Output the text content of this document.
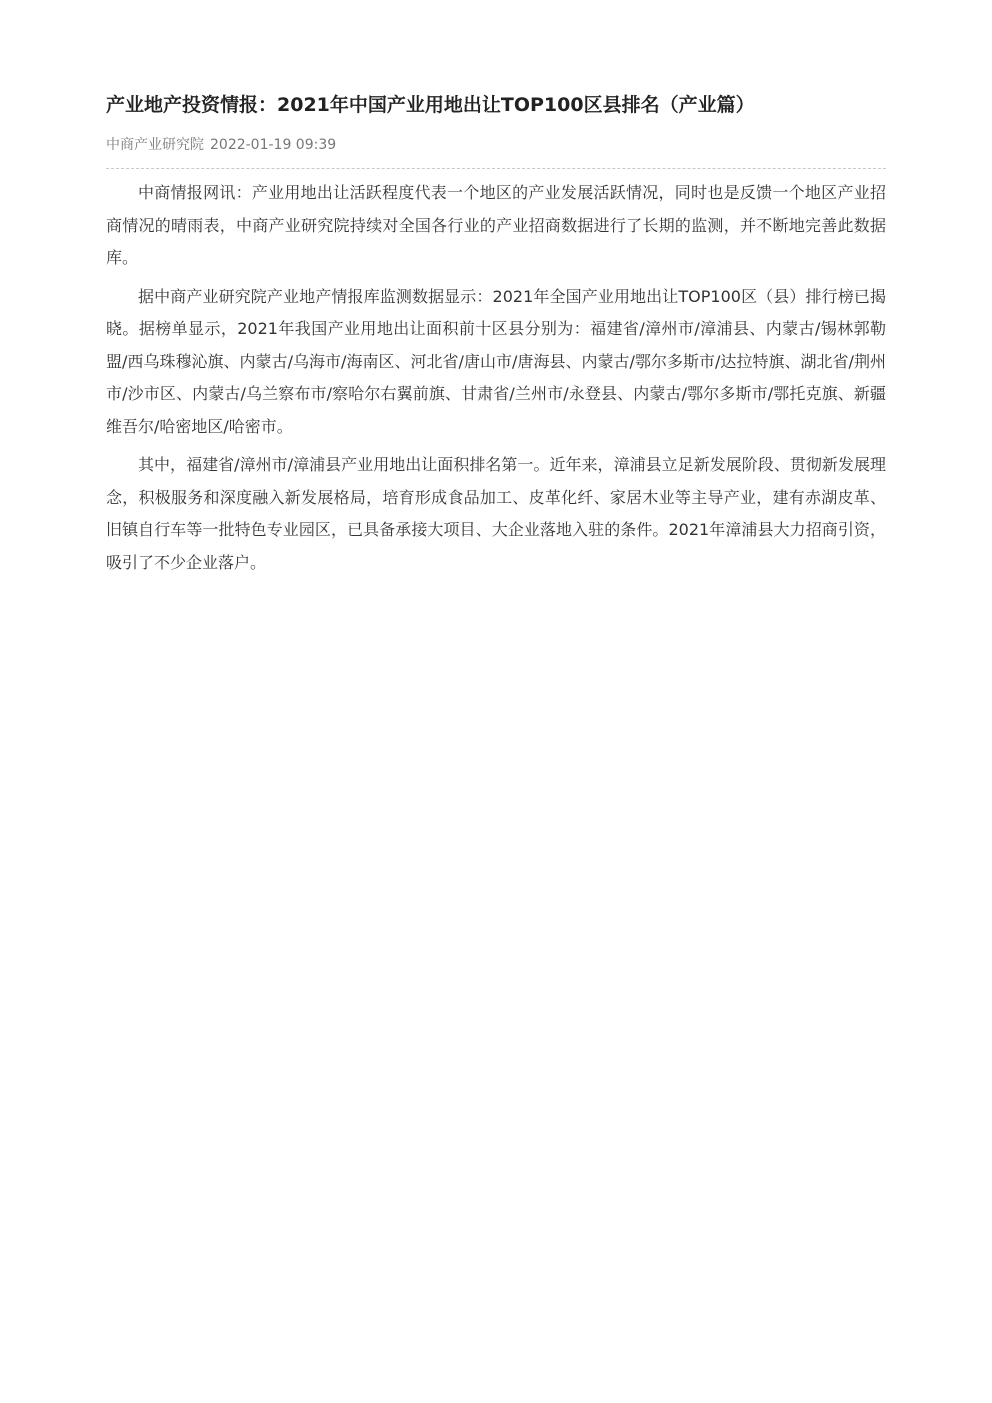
产业地产投资情报：2021年中国产业用地出让TOP100区县排名（产业篇）
中商产业研究院 2022-01-19 09:39

中商情报网讯：产业用地出让活跃程度代表一个地区的产业发展活跃情况，同时也是反馈一个地区产业招商情况的晴雨表，中商产业研究院持续对全国各行业的产业招商数据进行了长期的监测，并不断地完善此数据库。

据中商产业研究院产业地产情报库监测数据显示：2021年全国产业用地出让TOP100区（县）排行榜已揭晓。据榜单显示，2021年我国产业用地出让面积前十区县分别为：福建省/漳州市/漳浦县、内蒙古/锡林郭勒盟/西乌珠穆沁旗、内蒙古/乌海市/海南区、河北省/唐山市/唐海县、内蒙古/鄂尔多斯市/达拉特旗、湖北省/荆州市/沙市区、内蒙古/乌兰察布市/察哈尔右翼前旗、甘肃省/兰州市/永登县、内蒙古/鄂尔多斯市/鄂托克旗、新疆维吾尔/哈密地区/哈密市。

其中，福建省/漳州市/漳浦县产业用地出让面积排名第一。近年来，漳浦县立足新发展阶段、贯彻新发展理念，积极服务和深度融入新发展格局，培育形成食品加工、皮革化纤、家居木业等主导产业，建有赤湖皮革、旧镇自行车等一批特色专业园区，已具备承接大项目、大企业落地入驻的条件。2021年漳浦县大力招商引资，吸引了不少企业落户。
